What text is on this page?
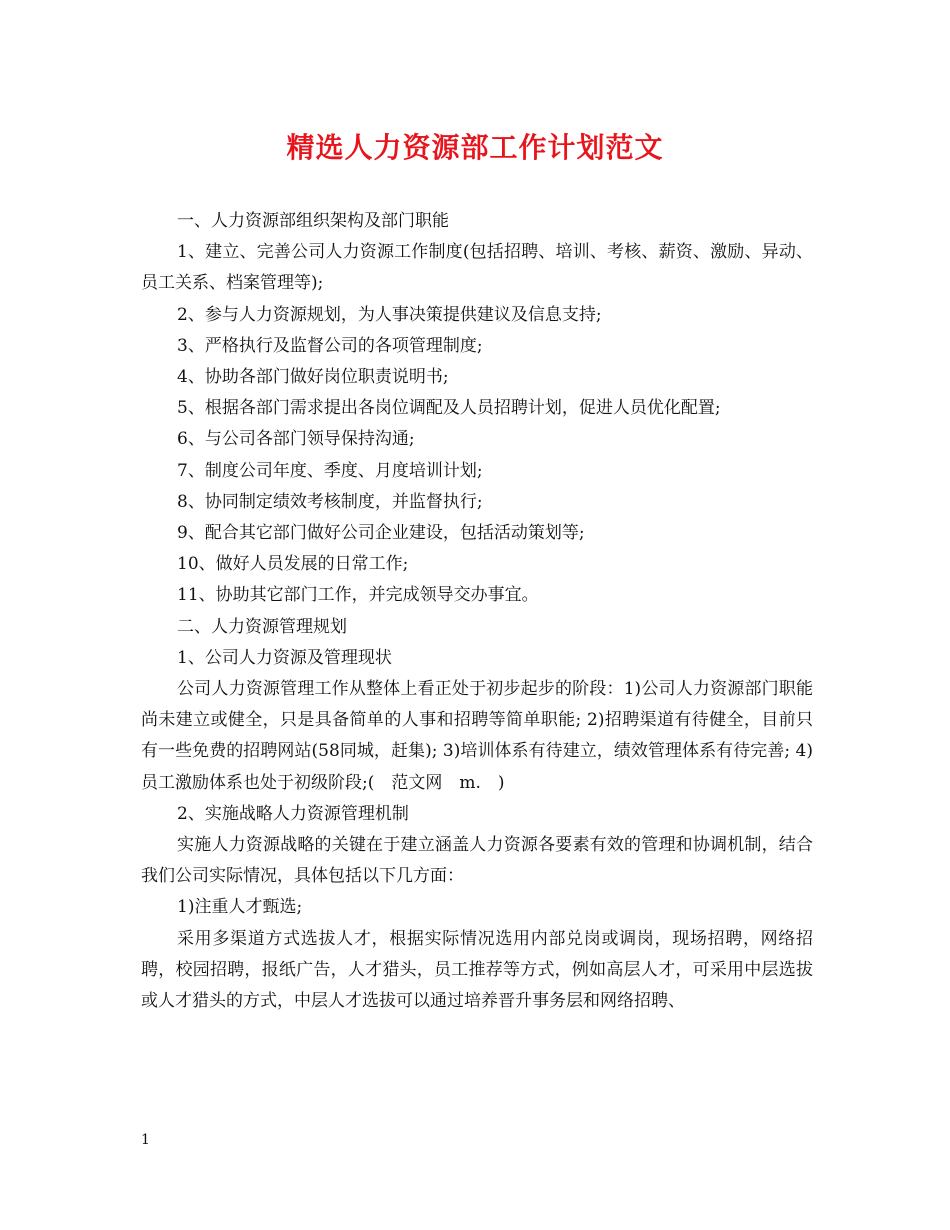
精选人力资源部工作计划范文

一、人力资源部组织架构及部门职能

1、建立、完善公司人力资源工作制度(包括招聘、培训、考核、薪资、激励、异动、员工关系、档案管理等);

2、参与人力资源规划，为人事决策提供建议及信息支持;

3、严格执行及监督公司的各项管理制度;

4、协助各部门做好岗位职责说明书;

5、根据各部门需求提出各岗位调配及人员招聘计划，促进人员优化配置;

6、与公司各部门领导保持沟通;

7、制度公司年度、季度、月度培训计划;

8、协同制定绩效考核制度，并监督执行;

9、配合其它部门做好公司企业建设，包括活动策划等;

10、做好人员发展的日常工作;

11、协助其它部门工作，并完成领导交办事宜。

二、人力资源管理规划

1、公司人力资源及管理现状

公司人力资源管理工作从整体上看正处于初步起步的阶段：1)公司人力资源部门职能尚未建立或健全，只是具备简单的人事和招聘等简单职能; 2)招聘渠道有待健全，目前只有一些免费的招聘网站(58同城，赶集); 3)培训体系有待建立，绩效管理体系有待完善; 4)员工激励体系也处于初级阶段;(　范文网　m.　)

2、实施战略人力资源管理机制

实施人力资源战略的关键在于建立涵盖人力资源各要素有效的管理和协调机制，结合我们公司实际情况，具体包括以下几方面：

1)注重人才甄选;

采用多渠道方式选拔人才，根据实际情况选用内部兑岗或调岗，现场招聘，网络招聘，校园招聘，报纸广告，人才猎头，员工推荐等方式，例如高层人才，可采用中层选拔或人才猎头的方式，中层人才选拔可以通过培养晋升事务层和网络招聘、

1
